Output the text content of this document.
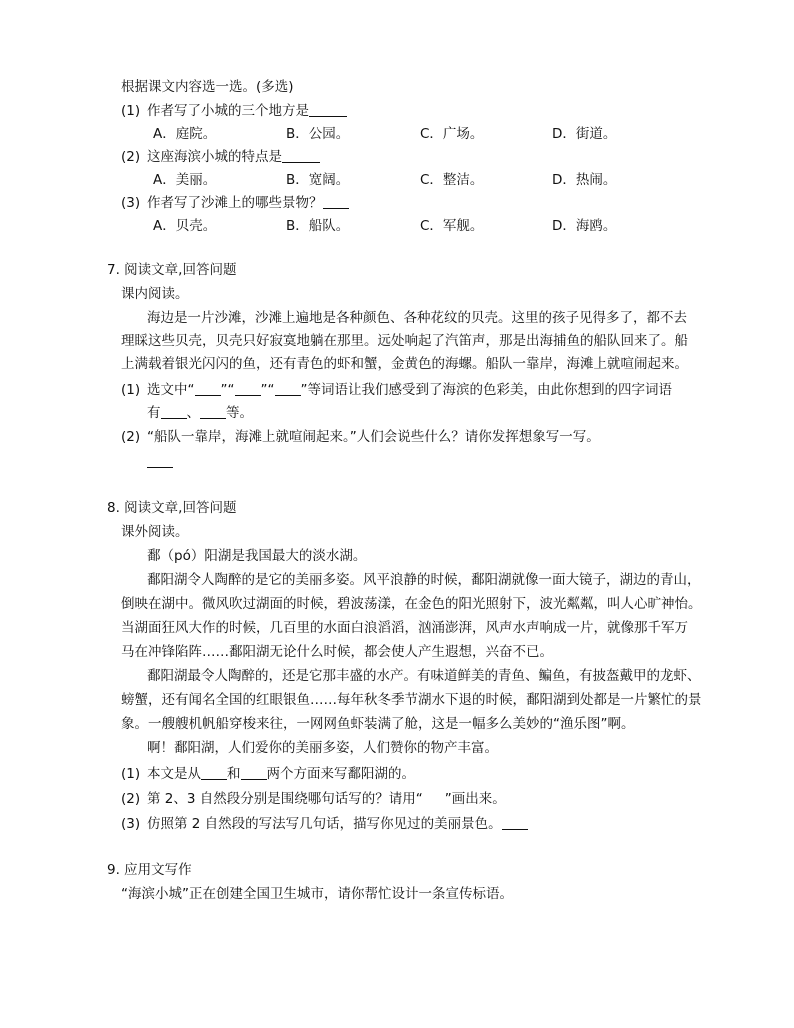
根据课文内容选一选。(多选)
(1) 作者写了小城的三个地方是
A．庭院。	B．公园。	C．广场。	D．街道。
(2) 这座海滨小城的特点是
A．美丽。	B．宽阔。	C．整洁。	D．热闹。
(3) 作者写了沙滩上的哪些景物？
A．贝壳。	B．船队。	C．军舰。	D．海鸥。
7. 阅读文章,回答问题
课内阅读。
海边是一片沙滩，沙滩上遍地是各种颜色、各种花纹的贝壳。这里的孩子见得多了，都不去
理睬这些贝壳，贝壳只好寂寞地躺在那里。远处响起了汽笛声，那是出海捕鱼的船队回来了。船
上满载着银光闪闪的鱼，还有青色的虾和蟹，金黄色的海螺。船队一靠岸，海滩上就喧闹起来。
(1) 选文中“ ”“ ”“ ”等词语让我们感受到了海滨的色彩美，由此你想到的四字词语
有 、 等。
(2) “船队一靠岸，海滩上就喧闹起来。”人们会说些什么？请你发挥想象写一写。
8. 阅读文章,回答问题
课外阅读。
鄱（pó）阳湖是我国最大的淡水湖。
鄱阳湖令人陶醉的是它的美丽多姿。风平浪静的时候，鄱阳湖就像一面大镜子，湖边的青山，
倒映在湖中。微风吹过湖面的时候，碧波荡漾，在金色的阳光照射下，波光粼粼，叫人心旷神怡。
当湖面狂风大作的时候，几百里的水面白浪滔滔，汹涌澎湃，风声水声响成一片，就像那千军万
马在冲锋陷阵……鄱阳湖无论什么时候，都会使人产生遐想，兴奋不已。
鄱阳湖最令人陶醉的，还是它那丰盛的水产。有味道鲜美的青鱼、鳊鱼，有披盔戴甲的龙虾、
螃蟹，还有闻名全国的红眼银鱼……每年秋冬季节湖水下退的时候，鄱阳湖到处都是一片繁忙的景
象。一艘艘机帆船穿梭来往，一网网鱼虾装满了舱，这是一幅多么美妙的“渔乐图”啊。
啊！鄱阳湖，人们爱你的美丽多姿，人们赞你的物产丰富。
(1) 本文是从 和 两个方面来写鄱阳湖的。
(2) 第 2、3 自然段分别是围绕哪句话写的？请用“ ”画出来。
(3) 仿照第 2 自然段的写法写几句话，描写你见过的美丽景色。
9. 应用文写作
“海滨小城”正在创建全国卫生城市，请你帮忙设计一条宣传标语。
